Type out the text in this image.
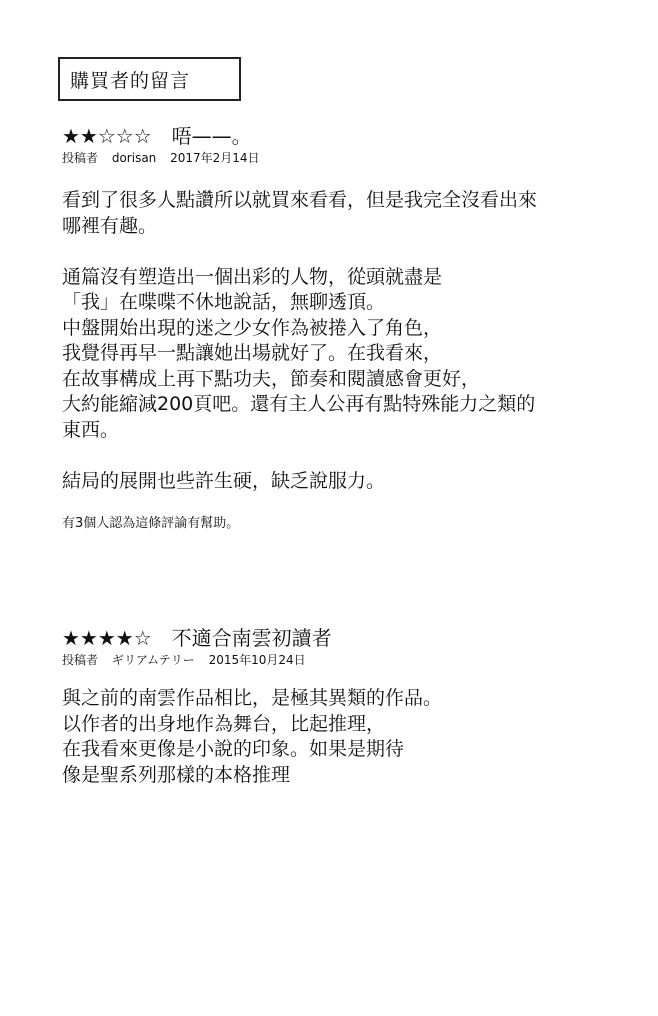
購買者的留言
★★☆☆☆ 唔——。
投稿者 dorisan 2017年2月14日
看到了很多人點讚所以就買來看看，但是我完全沒看出來
哪裡有趣。
通篇沒有塑造出一個出彩的人物，從頭就盡是
「我」在喋喋不休地說話，無聊透頂。
中盤開始出現的迷之少女作為被捲入了角色，
我覺得再早一點讓她出場就好了。在我看來，
在故事構成上再下點功夫，節奏和閱讀感會更好，
大約能縮減200頁吧。還有主人公再有點特殊能力之類的
東西。
結局的展開也些許生硬，缺乏說服力。
有3個人認為這條評論有幫助。
★★★★☆ 不適合南雲初讀者
投稿者 ギリアムテリー 2015年10月24日
與之前的南雲作品相比，是極其異類的作品。
以作者的出身地作為舞台，比起推理，
在我看來更像是小說的印象。如果是期待
像是聖系列那樣的本格推理
